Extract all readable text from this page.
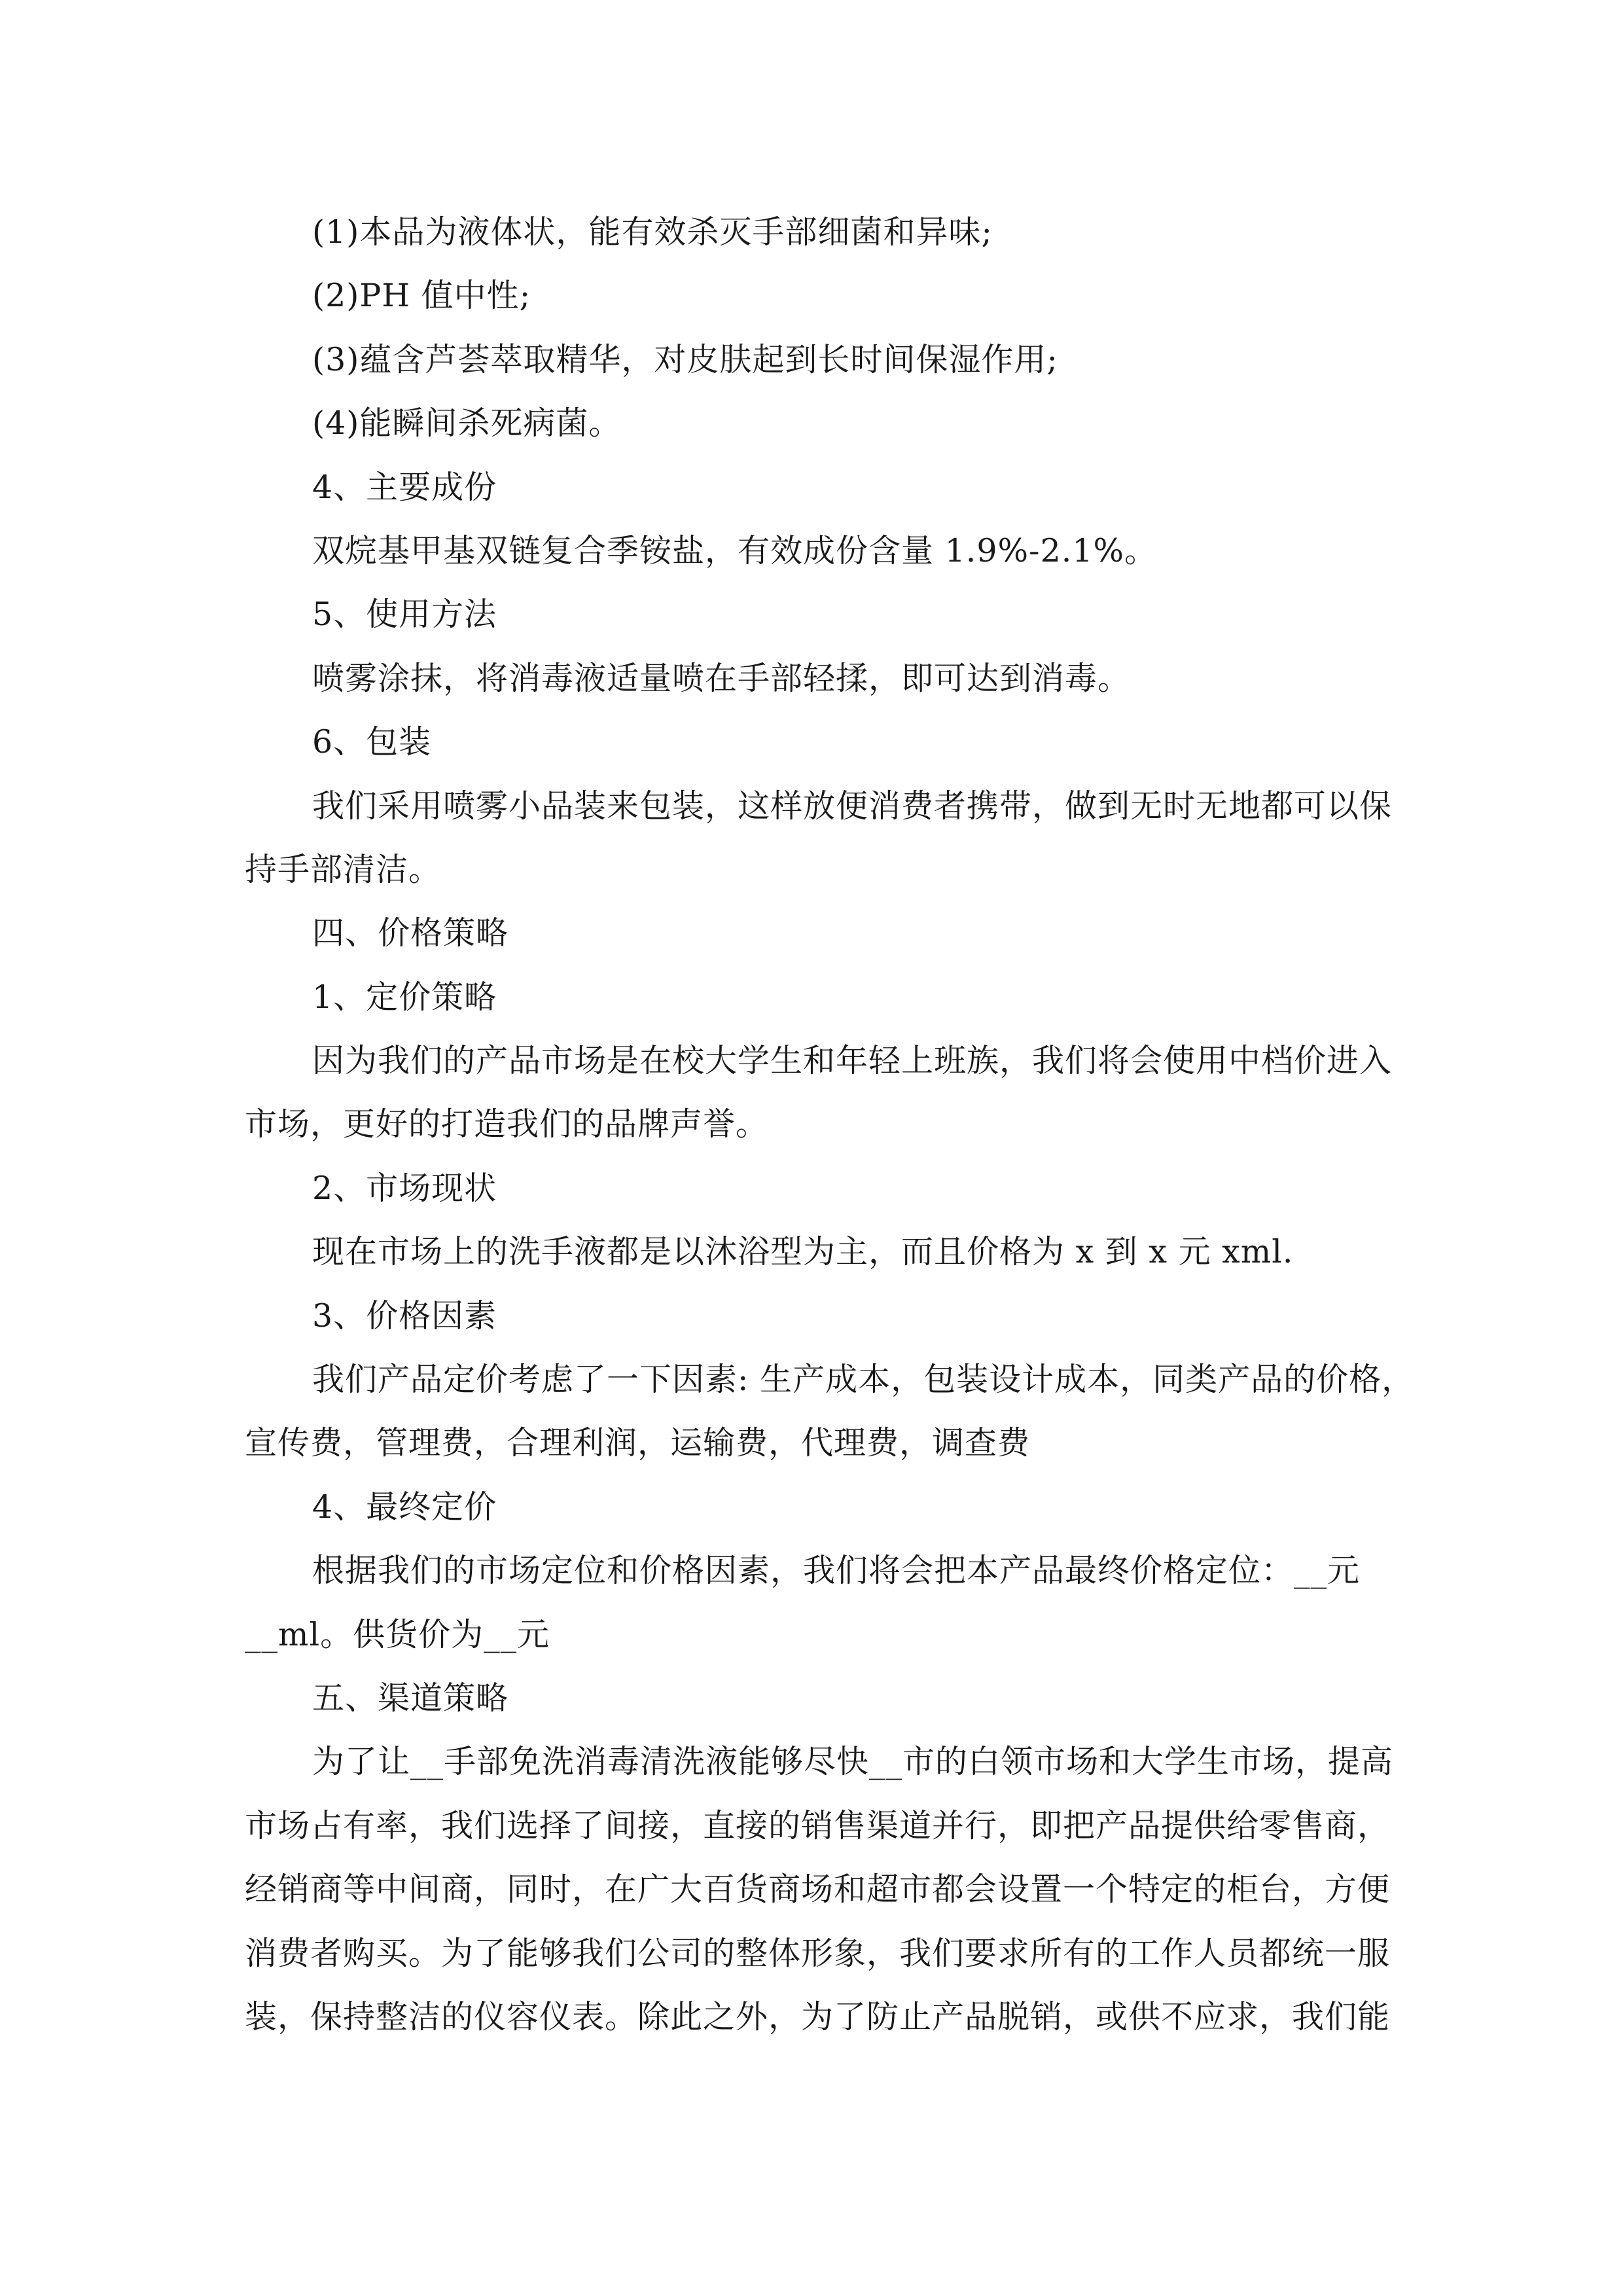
(1)本品为液体状，能有效杀灭手部细菌和异味;
(2)PH 值中性;
(3)蕴含芦荟萃取精华，对皮肤起到长时间保湿作用;
(4)能瞬间杀死病菌。
4、主要成份
双烷基甲基双链复合季铵盐，有效成份含量 1.9%-2.1%。
5、使用方法
喷雾涂抹，将消毒液适量喷在手部轻揉，即可达到消毒。
6、包装
我们采用喷雾小品装来包装，这样放便消费者携带，做到无时无地都可以保
持手部清洁。
四、价格策略
1、定价策略
因为我们的产品市场是在校大学生和年轻上班族，我们将会使用中档价进入
市场，更好的打造我们的品牌声誉。
2、市场现状
现在市场上的洗手液都是以沐浴型为主，而且价格为 x 到 x 元 xml.
3、价格因素
我们产品定价考虑了一下因素: 生产成本，包装设计成本，同类产品的价格，
宣传费，管理费，合理利润，运输费，代理费，调查费
4、最终定价
根据我们的市场定位和价格因素，我们将会把本产品最终价格定位：__元
__ml。供货价为__元
五、渠道策略
为了让__手部免洗消毒清洗液能够尽快__市的白领市场和大学生市场，提高
市场占有率，我们选择了间接，直接的销售渠道并行，即把产品提供给零售商，
经销商等中间商，同时，在广大百货商场和超市都会设置一个特定的柜台，方便
消费者购买。为了能够我们公司的整体形象，我们要求所有的工作人员都统一服
装，保持整洁的仪容仪表。除此之外，为了防止产品脱销，或供不应求，我们能
